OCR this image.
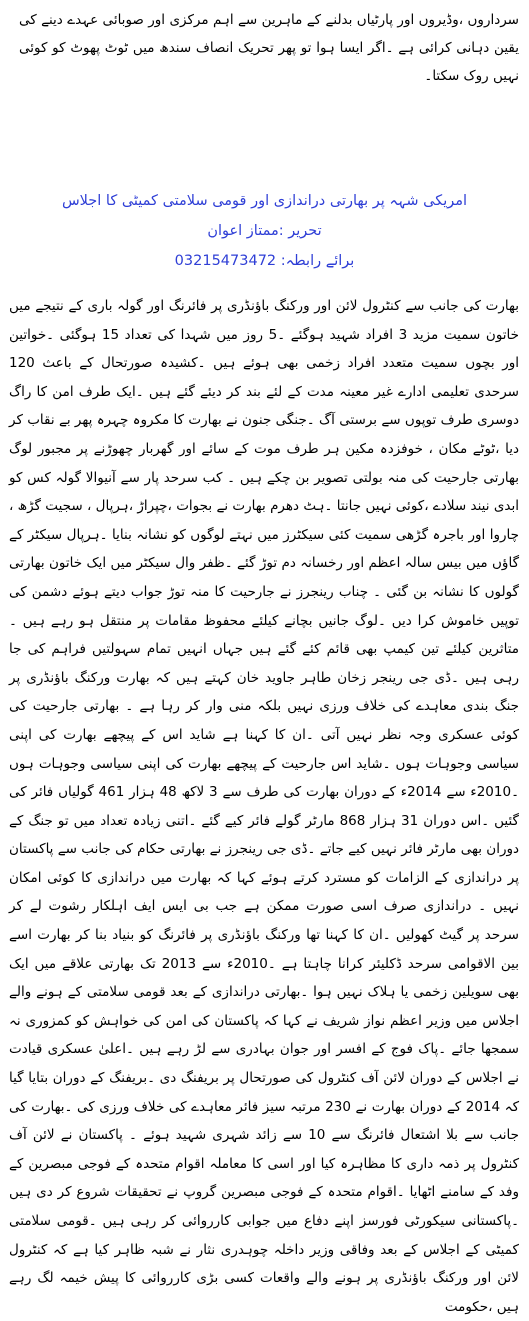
سرداروں ،وڈیروں اور پارٹیاں بدلنے کے ماہرین سے اہم مرکزی اور صوبائی عہدے دینے کی یقین دہانی کرائی ہے ۔اگر ایسا ہوا تو پھر تحریک انصاف سندھ میں ٹوٹ پھوٹ کو کوئی نہیں روک سکتا۔

امریکی شہہ پر بھارتی دراندازی اور قومی سلامتی کمیٹی کا اجلاس
تحریر :ممتاز اعوان
برائے رابطہ: 03215473472

بھارت کی جانب سے کنٹرول لائن اور ورکنگ باؤنڈری پر فائرنگ اور گولہ باری کے نتیجے میں خاتون سمیت مزید 3 افراد شہید ہوگئے ۔5 روز میں شہدا کی تعداد 15 ہوگئی ۔خواتین اور بچوں سمیت متعدد افراد زخمی بھی ہوئے ہیں ۔کشیدہ صورتحال کے باعث 120 سرحدی تعلیمی ادارے غیر معینہ مدت کے لئے بند کر دیئے گئے ہیں ۔ایک طرف امن کا راگ دوسری طرف توپوں سے برستی آگ ۔جنگی جنون نے بھارت کا مکروہ چہرہ پھر بے نقاب کر دیا ،ٹوٹے مکان ، خوفزدہ مکین ہر طرف موت کے سائے اور گھربار چھوڑنے پر مجبور لوگ بھارتی جارحیت کی منہ بولتی تصویر بن چکے ہیں ۔ کب سرحد پار سے آنیوالا گولہ کس کو ابدی نیند سلادے ،کوئی نہیں جانتا ۔ہٹ دھرم بھارت نے بجوات ،چپراڑ ،ہرپال ، سجیت گڑھ ، چاروا اور باجرہ گڑھی سمیت کئی سیکٹرز میں نہتے لوگوں کو نشانہ بنایا ۔ہرپال سیکٹر کے گاؤں میں بیس سالہ اعظم اور رخسانہ دم توڑ گئے ۔ظفر وال سیکٹر میں ایک خاتون بھارتی گولوں کا نشانہ بن گئی ۔ چناب رینجرز نے جارحیت کا منہ توڑ جواب دیتے ہوئے دشمن کی توپیں خاموش کرا دیں ۔لوگ جانیں بچانے کیلئے محفوظ مقامات پر منتقل ہو رہے ہیں ۔ متاثرین کیلئے تین کیمپ بھی قائم کئے گئے ہیں جہاں انہیں تمام سہولتیں فراہم کی جا رہی ہیں ۔ڈی جی رینجر زخان طاہر جاوید خان کہتے ہیں کہ بھارت ورکنگ باؤنڈری پر جنگ بندی معاہدے کی خلاف ورزی نہیں بلکہ منی وار کر رہا ہے ۔ بھارتی جارحیت کی کوئی عسکری وجہ نظر نہیں آتی ۔ان کا کہنا ہے شاید اس کے پیچھے بھارت کی اپنی سیاسی وجوہات ہوں ۔شاید اس جارحیت کے پیچھے بھارت کی اپنی سیاسی وجوہات ہوں ۔2010ء سے 2014ء کے دوران بھارت کی طرف سے 3 لاکھ 48 ہزار 461 گولیاں فائر کی گئیں ۔اس دوران 31 ہزار 868 مارٹر گولے فائر کیے گئے ۔اتنی زیادہ تعداد میں تو جنگ کے دوران بھی مارٹر فائر نہیں کیے جاتے ۔ڈی جی رینجرز نے بھارتی حکام کی جانب سے پاکستان پر دراندازی کے الزامات کو مسترد کرتے ہوئے کہا کہ بھارت میں دراندازی کا کوئی امکان نہیں ۔ دراندازی صرف اسی صورت ممکن ہے جب بی ایس ایف اہلکار رشوت لے کر سرحد پر گیٹ کھولیں ۔ان کا کہنا تھا ورکنگ باؤنڈری پر فائرنگ کو بنیاد بنا کر بھارت اسے بین الاقوامی سرحد ڈکلیئر کرانا چاہتا ہے ۔2010ء سے 2013 تک بھارتی علاقے میں ایک بھی سویلین زخمی یا ہلاک نہیں ہوا ۔بھارتی دراندازی کے بعد قومی سلامتی کے ہونے والے اجلاس میں وزیر اعظم نواز شریف نے کہا کہ پاکستان کی امن کی خواہش کو کمزوری نہ سمجھا جائے ۔پاک فوج کے افسر اور جوان بہادری سے لڑ رہے ہیں ۔اعلیٰ عسکری قیادت نے اجلاس کے دوران لائن آف کنٹرول کی صورتحال پر بریفنگ دی ۔بریفنگ کے دوران بتایا گیا کہ 2014 کے دوران بھارت نے 230 مرتبہ سیز فائر معاہدے کی خلاف ورزی کی ۔بھارت کی جانب سے بلا اشتعال فائرنگ سے 10 سے زائد شہری شہید ہوئے ۔ پاکستان نے لائن آف کنٹرول پر ذمہ داری کا مظاہرہ کیا اور اسی کا معاملہ اقوام متحدہ کے فوجی مبصرین کے وفد کے سامنے اٹھایا ۔اقوام متحدہ کے فوجی مبصرین گروپ نے تحقیقات شروع کر دی ہیں ۔پاکستانی سیکورٹی فورسز اپنے دفاع میں جوابی کارروائی کر رہی ہیں ۔قومی سلامتی کمیٹی کے اجلاس کے بعد وفاقی وزیر داخلہ چوہدری نثار نے شبہ ظاہر کیا ہے کہ کنٹرول لائن اور ورکنگ باؤنڈری پر ہونے والے واقعات کسی بڑی کارروائی کا پیش خیمہ لگ رہے ہیں ،حکومت
